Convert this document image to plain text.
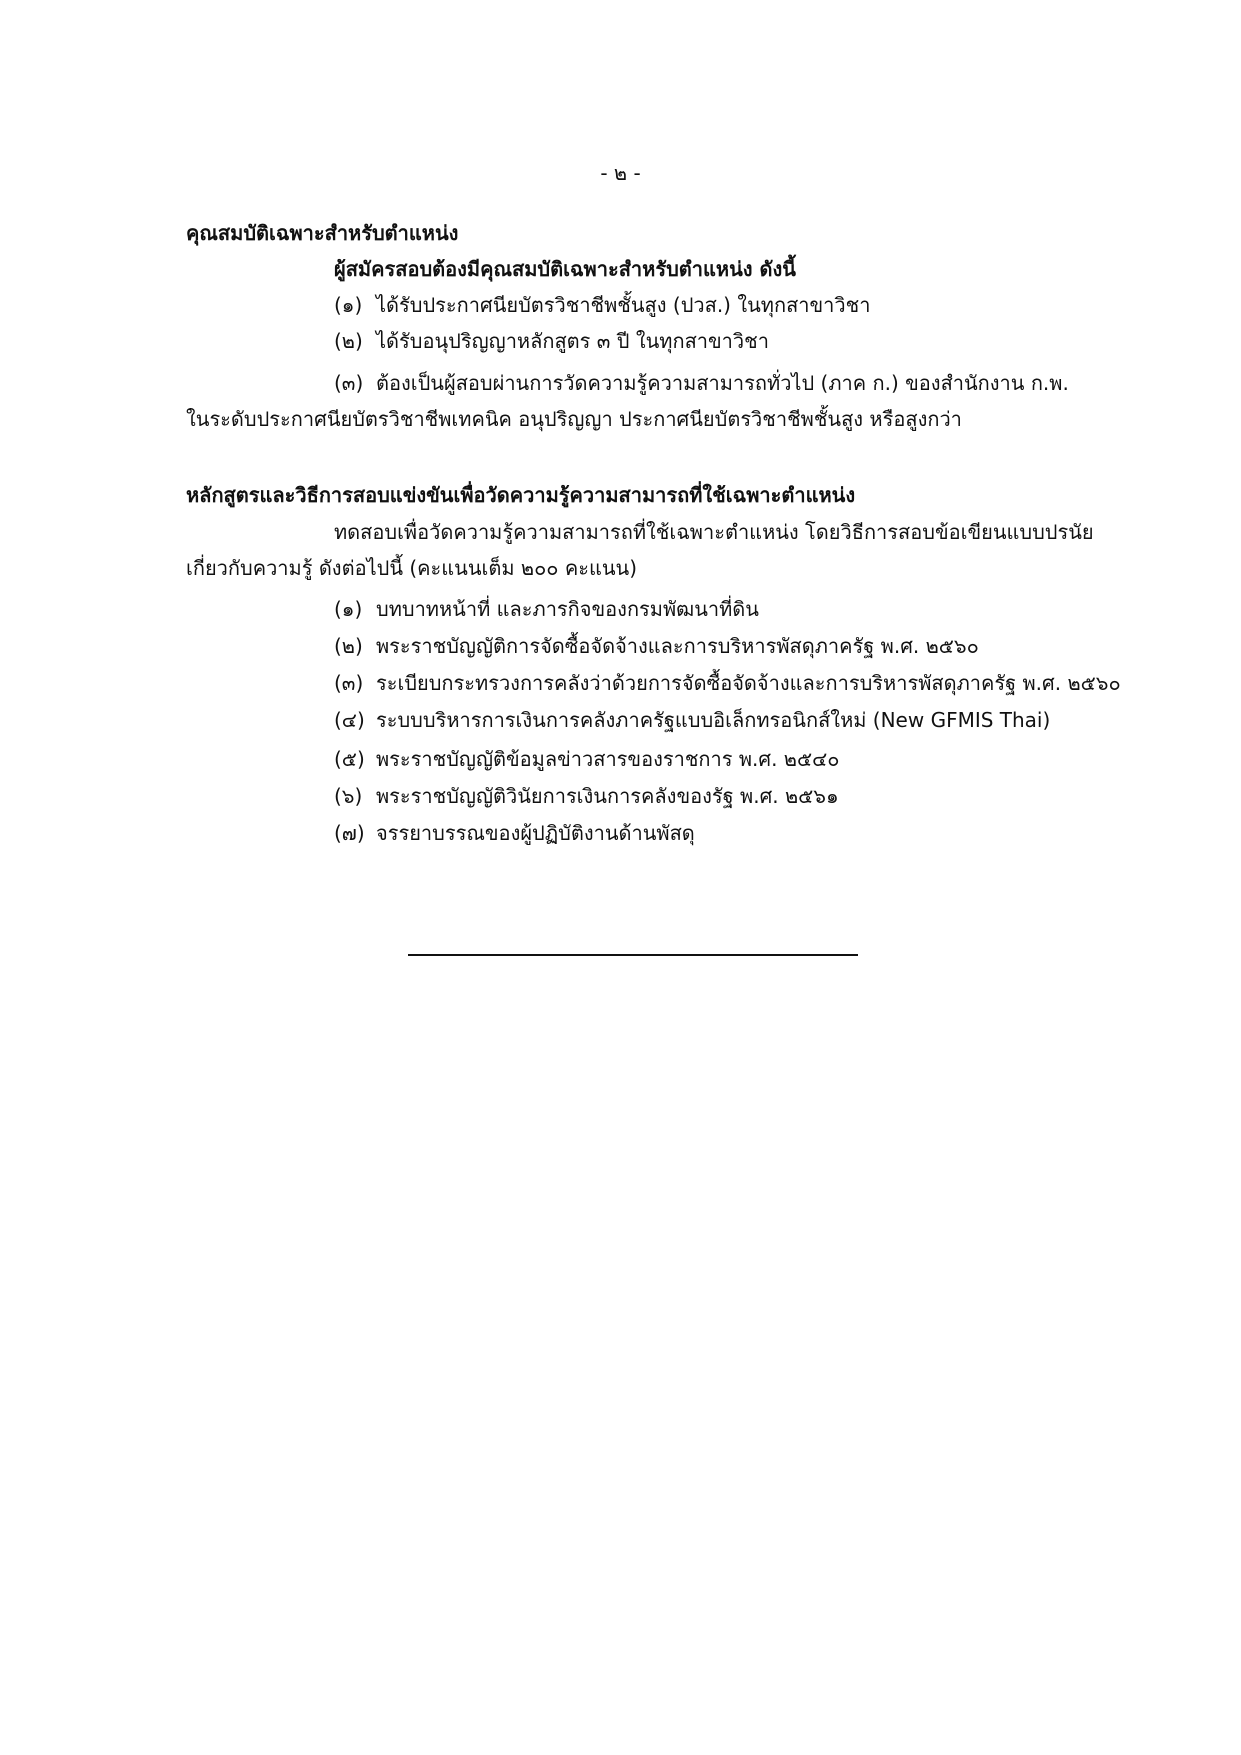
- ๒ -
คุณสมบัติเฉพาะสำหรับตำแหน่ง
ผู้สมัครสอบต้องมีคุณสมบัติเฉพาะสำหรับตำแหน่ง ดังนี้
(๑) ได้รับประกาศนียบัตรวิชาชีพชั้นสูง (ปวส.) ในทุกสาขาวิชา
(๒) ได้รับอนุปริญญาหลักสูตร ๓ ปี ในทุกสาขาวิชา
(๓) ต้องเป็นผู้สอบผ่านการวัดความรู้ความสามารถทั่วไป (ภาค ก.) ของสำนักงาน ก.พ.
ในระดับประกาศนียบัตรวิชาชีพเทคนิค อนุปริญญา ประกาศนียบัตรวิชาชีพชั้นสูง หรือสูงกว่า
หลักสูตรและวิธีการสอบแข่งขันเพื่อวัดความรู้ความสามารถที่ใช้เฉพาะตำแหน่ง
ทดสอบเพื่อวัดความรู้ความสามารถที่ใช้เฉพาะตำแหน่ง โดยวิธีการสอบข้อเขียนแบบปรนัย
เกี่ยวกับความรู้ ดังต่อไปนี้ (คะแนนเต็ม ๒๐๐ คะแนน)
(๑) บทบาทหน้าที่ และภารกิจของกรมพัฒนาที่ดิน
(๒) พระราชบัญญัติการจัดซื้อจัดจ้างและการบริหารพัสดุภาครัฐ พ.ศ. ๒๕๖๐
(๓) ระเบียบกระทรวงการคลังว่าด้วยการจัดซื้อจัดจ้างและการบริหารพัสดุภาครัฐ พ.ศ. ๒๕๖๐
(๔) ระบบบริหารการเงินการคลังภาครัฐแบบอิเล็กทรอนิกส์ใหม่ (New GFMIS Thai)
(๕) พระราชบัญญัติข้อมูลข่าวสารของราชการ พ.ศ. ๒๕๔๐
(๖) พระราชบัญญัติวินัยการเงินการคลังของรัฐ พ.ศ. ๒๕๖๑
(๗) จรรยาบรรณของผู้ปฏิบัติงานด้านพัสดุ
